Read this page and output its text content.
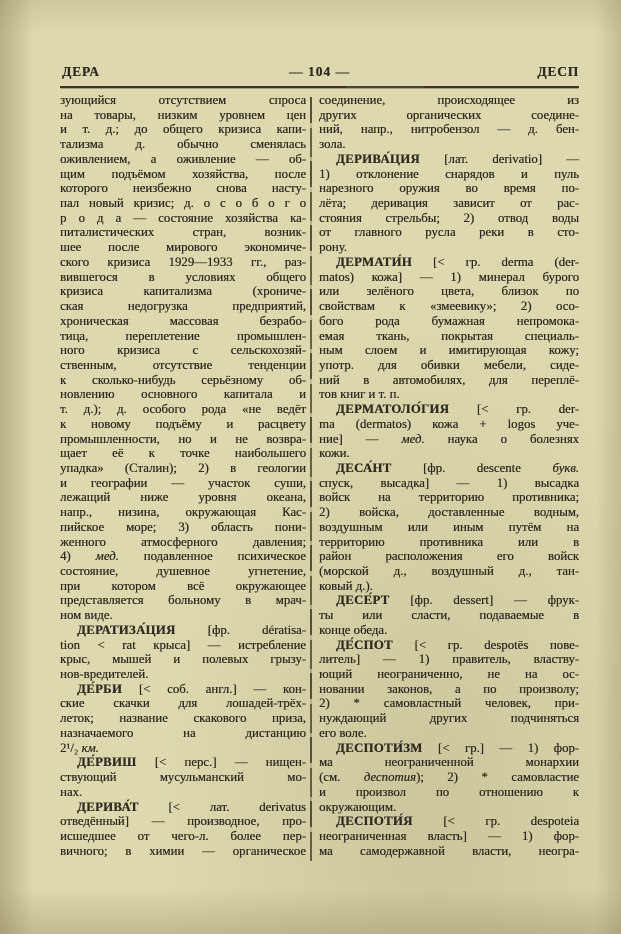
ДЕРА	— 104 —	ДЕСП
зующийся отсутствием спроса
на товары, низким уровнем цен
и т. д.; до общего кризиса капи-
тализма д. обычно сменялась
оживлением, а оживление — об-
щим подъёмом хозяйства, после
которого неизбежно снова насту-
пал новый кризис; д. о с о б о г о
р о д а — состояние хозяйства ка-
питалистических стран, возник-
шее после мирового экономиче-
ского кризиса 1929—1933 гг., раз-
вившегося в условиях общего
кризиса капитализма (хрониче-
ская недогрузка предприятий,
хроническая массовая безрабо-
тица, переплетение промышлен-
ного кризиса с сельскохозяй-
ственным, отсутствие тенденции
к сколько-нибудь серьёзному об-
новлению основного капитала и
т. д.); д. особого рода «не ведёт
к новому подъёму и расцвету
промышленности, но и не возвра-
щает её к точке наибольшего
упадка» (Сталин); 2) в геологии
и географии — участок суши,
лежащий ниже уровня океана,
напр., низина, окружающая Кас-
пийское море; 3) область пони-
женного атмосферного давления;
4) мед. подавленное психическое
состояние, душевное угнетение,
при котором всё окружающее
представляется больному в мрач-
ном виде.
ДЕРАТИЗА́ЦИЯ [фр. dératisa-
tion < rat крыса] — истребление
крыс, мышей и полевых грызу-
нов-вредителей.
ДЕ́РБИ [< соб. англ.] — кон-
ские скачки для лошадей-трёх-
леток; название скакового приза,
назначаемого на дистанцию
2¹/₂ км.
ДЕ́РВИШ [< перс.] — нищен-
ствующий мусульманский мо-
нах.
ДЕРИВА́Т [< лат. derivatus
отведённый] — производное, про-
исшедшее от чего-л. более пер-
вичного; в химии — органическое
соединение, происходящее из
других органических соедине-
ний, напр., нитробензол — д. бен-
зола.
ДЕРИВА́ЦИЯ [лат. derivatio] —
1) отклонение снарядов и пуль
нарезного оружия во время по-
лёта; деривация зависит от рас-
стояния стрельбы; 2) отвод воды
от главного русла реки в сто-
рону.
ДЕРМАТИ́Н [< гр. derma (der-
matos) кожа] — 1) минерал бурого
или зелёного цвета, близок по
свойствам к «змеевику»; 2) осо-
бого рода бумажная непромока-
емая ткань, покрытая специаль-
ным слоем и имитирующая кожу;
употр. для обивки мебели, сиде-
ний в автомобилях, для переплё-
тов книг и т. п.
ДЕРМАТОЛО́ГИЯ [< гр. der-
ma (dermatos) кожа + logos уче-
ние] — мед. наука о болезнях
кожи.
ДЕСА́НТ [фр. descente букв.
спуск, высадка] — 1) высадка
войск на территорию противника;
2) войска, доставленные водным,
воздушным или иным путём на
территорию противника или в
район расположения его войск
(морской д., воздушный д., тан-
ковый д.).
ДЕСЕ́РТ [фр. dessert] — фрук-
ты или сласти, подаваемые в
конце обеда.
ДЕ́СПОТ [< гр. despotēs пове-
литель] — 1) правитель, властву-
ющий неограниченно, не на ос-
новании законов, а по произволу;
2) * самовластный человек, при-
нуждающий других подчиняться
его воле.
ДЕСПОТИ́ЗМ [< гр.] — 1) фор-
ма неограниченной монархии
(см. деспотия); 2) * самовластие
и произвол по отношению к
окружающим.
ДЕСПОТИ́Я [< гр. despoteia
неограниченная власть] — 1) фор-
ма самодержавной власти, неогра-
